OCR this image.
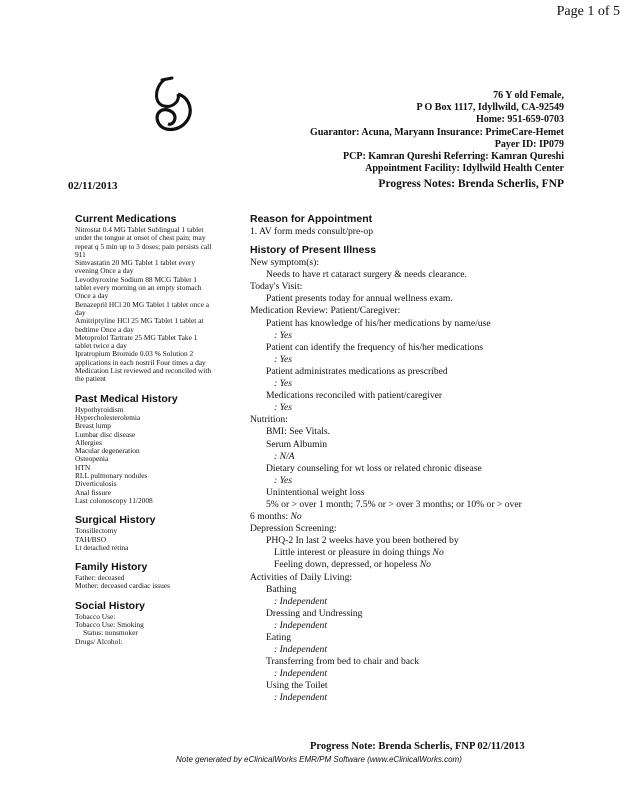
Page 1 of 5
76 Y old Female,
P O Box 1117, Idyllwild, CA-92549
Home: 951-659-0703
Guarantor: Acuna, Maryann Insurance: PrimeCare-Hemet
Payer ID: IP079
PCP: Kamran Qureshi Referring: Kamran Qureshi
Appointment Facility: Idyllwild Health Center
02/11/2013	Progress Notes: Brenda Scherlis, FNP
Current Medications
Nitrostat 0.4 MG Tablet Sublingual 1 tablet
under the tongue at onset of chest pain; may
repeat q 5 min up to 3 doses; pain persists call
911
Simvastatin 20 MG Tablet 1 tablet every
evening Once a day
Levothyroxine Sodium 88 MCG Tablet 1
tablet every morning on an empty stomach
Once a day
Benazepril HCl 20 MG Tablet 1 tablet once a
day
Amitriptyline HCl 25 MG Tablet 1 tablet at
bedtime Once a day
Metoprolol Tartrate 25 MG Tablet Take 1
tablet twice a day
Ipratropium Bromide 0.03 % Solution 2
applications in each nostril Four times a day
Medication List reviewed and reconciled with
the patient
Past Medical History
Hypothyroidism
Hypercholesterolemia
Breast lump
Lumbar disc disease
Allergies
Macular degeneration
Osteopenia
HTN
RLL pulmonary nodules
Diverticulosis
Anal fissure
Last colonoscopy 11/2008
Surgical History
Tonsillectomy
TAH/BSO
Lt detached retina
Family History
Father: deceased
Mother: deceased cardiac issues
Social History
Tobacco Use:
Tobacco Use: Smoking
Status: nonsmoker
Drugs/ Alcohol:
Reason for Appointment
1. AV form meds consult/pre-op
History of Present Illness
New symptom(s):
Needs to have rt cataract surgery & needs clearance.
Today's Visit:
Patient presents today for annual wellness exam.
Medication Review: Patient/Caregiver:
Patient has knowledge of his/her medications by name/use
: Yes
Patient can identify the frequency of his/her medications
: Yes
Patient administrates medications as prescribed
: Yes
Medications reconciled with patient/caregiver
: Yes
Nutrition:
BMI: See Vitals.
Serum Albumin
: N/A
Dietary counseling for wt loss or related chronic disease
: Yes
Unintentional weight loss
5% or > over 1 month; 7.5% or > over 3 months; or 10% or > over
6 months: No
Depression Screening:
PHQ-2 In last 2 weeks have you been bothered by
Little interest or pleasure in doing things No
Feeling down, depressed, or hopeless No
Activities of Daily Living:
Bathing
: Independent
Dressing and Undressing
: Independent
Eating
: Independent
Transferring from bed to chair and back
: Independent
Using the Toilet
: Independent
Progress Note: Brenda Scherlis, FNP 02/11/2013
Note generated by eClinicalWorks EMR/PM Software (www.eClinicalWorks.com)
